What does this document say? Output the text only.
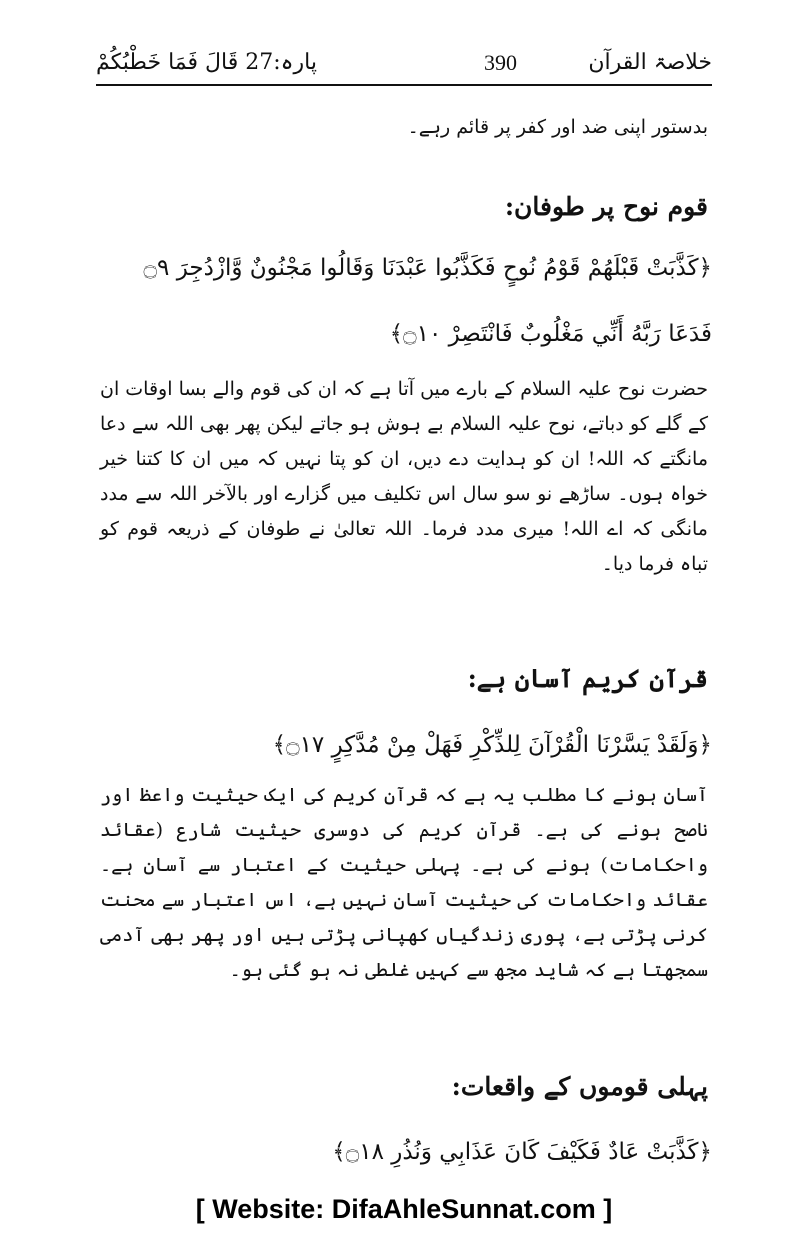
پارہ:27 قَالَ فَمَا خَطْبُكُمْ	390	خلاصۃ القرآن
بدستور اپنی ضد اور کفر پر قائم رہے۔
قوم نوح پر طوفان:
﴿كَذَّبَتْ قَبْلَهُمْ قَوْمُ نُوحٍ فَكَذَّبُوا عَبْدَنَا وَقَالُوا مَجْنُونٌ وَّازْدُجِرَ ۝٩
فَدَعَا رَبَّهُ أَنِّي مَغْلُوبٌ فَانْتَصِرْ ۝١٠﴾
حضرت نوح علیہ السلام کے بارے میں آتا ہے کہ ان کی قوم والے بسا اوقات ان کے گلے کو دباتے، نوح علیہ السلام بے ہوش ہو جاتے لیکن پھر بھی اللہ سے دعا مانگتے کہ اللہ! ان کو ہدایت دے دیں، ان کو پتا نہیں کہ میں ان کا کتنا خیر خواہ ہوں۔ ساڑھے نو سو سال اس تکلیف میں گزارے اور بالآخر اللہ سے مدد مانگی کہ اے اللہ! میری مدد فرما۔ اللہ تعالیٰ نے طوفان کے ذریعہ قوم کو تباہ فرما دیا۔
قرآن کریم آسان ہے:
﴿وَلَقَدْ يَسَّرْنَا الْقُرْآنَ لِلذِّكْرِ فَهَلْ مِنْ مُدَّكِرٍ ۝١٧﴾
آسان ہونے کا مطلب یہ ہے کہ قرآن کریم کی ایک حیثیت واعظ اور ناصح ہونے کی ہے۔ قرآن کریم کی دوسری حیثیت شارع (عقائد واحکامات) ہونے کی ہے۔ پہلی حیثیت کے اعتبار سے آسان ہے۔ عقائد واحکامات کی حیثیت آسان نہیں ہے، اس اعتبار سے محنت کرنی پڑتی ہے، پوری زندگیاں کھپانی پڑتی ہیں اور پھر بھی آدمی سمجھتا ہے کہ شاید مجھ سے کہیں غلطی نہ ہو گئی ہو۔
پہلی قوموں کے واقعات:
﴿كَذَّبَتْ عَادٌ فَكَيْفَ كَانَ عَذَابِي وَنُذُرِ ۝١٨﴾
[ Website: DifaAhleSunnat.com ]
